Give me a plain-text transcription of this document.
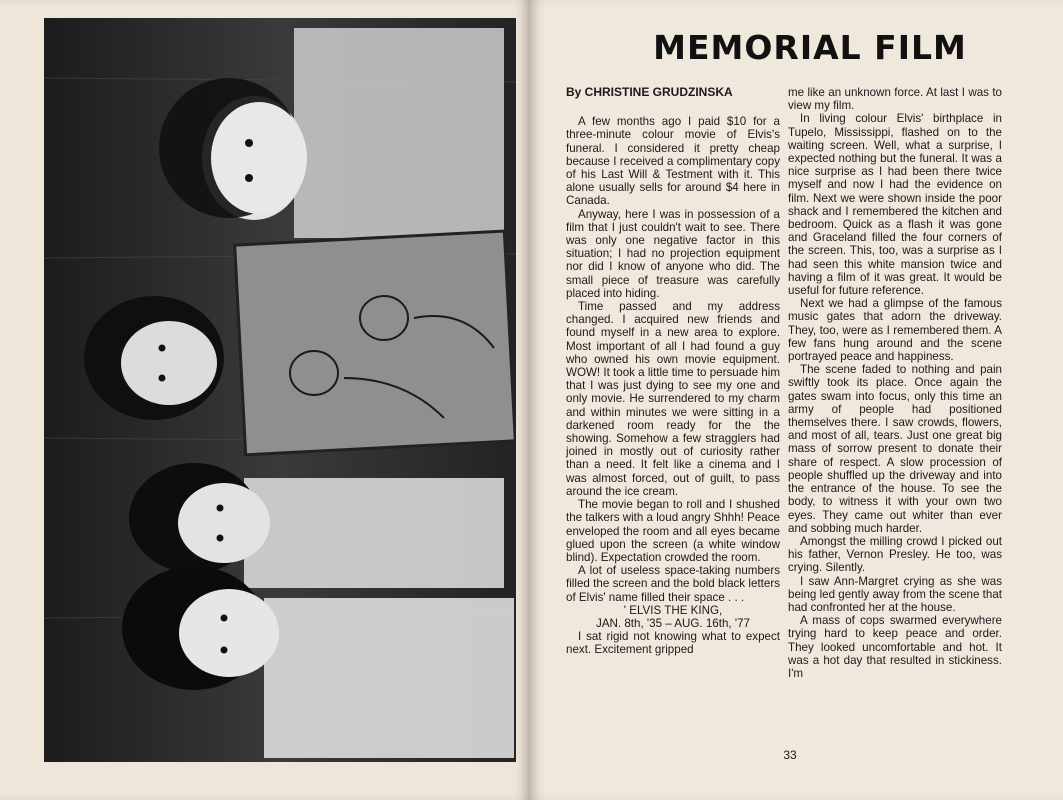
MEMORIAL FILM
By CHRISTINE GRUDZINSKA

A few months ago I paid $10 for a three-minute colour movie of Elvis's funeral. I considered it pretty cheap because I received a complimentary copy of his Last Will & Testment with it. This alone usually sells for around $4 here in Canada.

Anyway, here I was in possession of a film that I just couldn't wait to see. There was only one negative factor in this situation; I had no projection equipment nor did I know of anyone who did. The small piece of treasure was carefully placed into hiding.

Time passed and my address changed. I acquired new friends and found myself in a new area to explore. Most important of all I had found a guy who owned his own movie equipment. WOW! It took a little time to persuade him that I was just dying to see my one and only movie. He surrendered to my charm and within minutes we were sitting in a darkened room ready for the the showing. Somehow a few stragglers had joined in mostly out of curiosity rather than a need. It felt like a cinema and I was almost forced, out of guilt, to pass around the ice cream.

The movie began to roll and I shushed the talkers with a loud angry Shhh! Peace enveloped the room and all eyes became glued upon the screen (a white window blind). Expectation crowded the room.

A lot of useless space-taking numbers filled the screen and the bold black letters of Elvis' name filled their space . . .

' ELVIS THE KING,

JAN. 8th, '35 – AUG. 16th, '77

I sat rigid not knowing what to expect next. Excitement gripped

me like an unknown force. At last I was to view my film.

In living colour Elvis' birthplace in Tupelo, Mississippi, flashed on to the waiting screen. Well, what a surprise, I expected nothing but the funeral. It was a nice surprise as I had been there twice myself and now I had the evidence on film. Next we were shown inside the poor shack and I remembered the kitchen and bedroom. Quick as a flash it was gone and Graceland filled the four corners of the screen. This, too, was a surprise as I had seen this white mansion twice and having a film of it was great. It would be useful for future reference.

Next we had a glimpse of the famous music gates that adorn the driveway. They, too, were as I remembered them. A few fans hung around and the scene portrayed peace and happiness.

The scene faded to nothing and pain swiftly took its place. Once again the gates swam into focus, only this time an army of people had positioned themselves there. I saw crowds, flowers, and most of all, tears. Just one great big mass of sorrow present to donate their share of respect. A slow procession of people shuffled up the driveway and into the entrance of the house. To see the body, to witness it with your own two eyes. They came out whiter than ever and sobbing much harder.

Amongst the milling crowd I picked out his father, Vernon Presley. He too, was crying. Silently.

I saw Ann-Margret crying as she was being led gently away from the scene that had confronted her at the house.

A mass of cops swarmed everywhere trying hard to keep peace and order. They looked uncomfortable and hot. It was a hot day that resulted in stickiness. I'm

33
